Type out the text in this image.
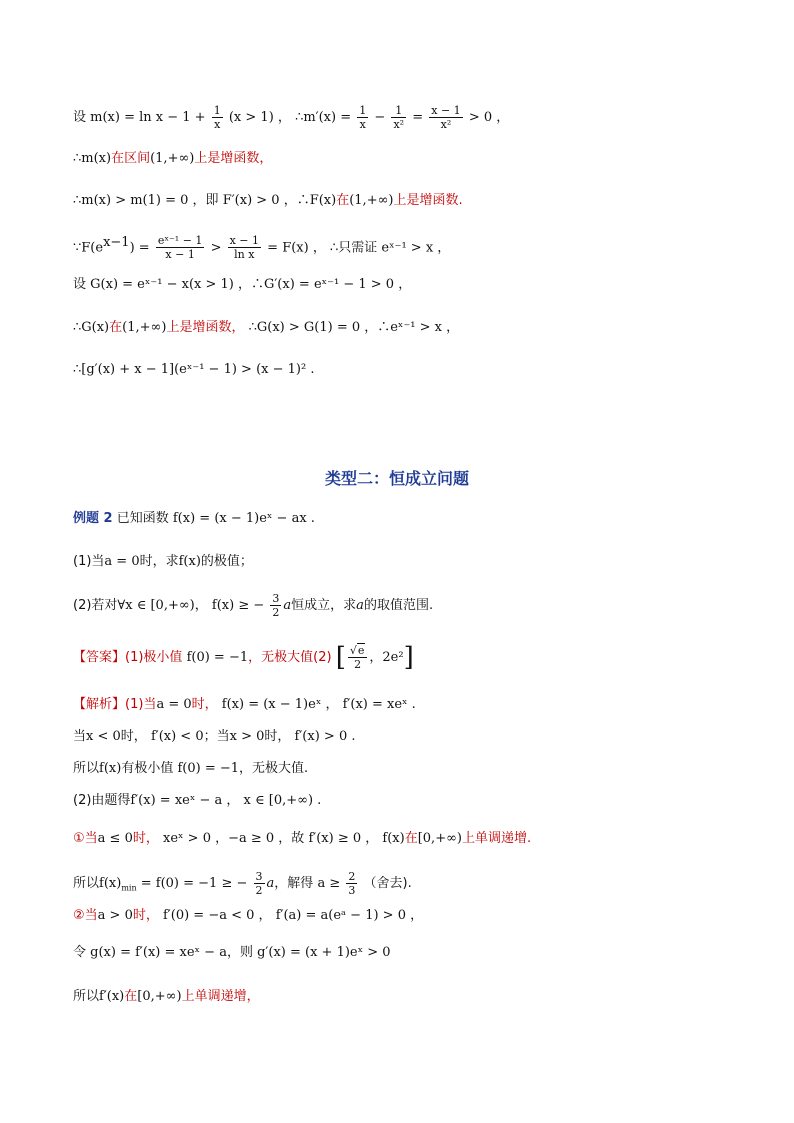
设 $m(x) = \ln x - 1 + \frac{1}{x} (x > 1)$ ， ∴m′(x) = $\frac{1}{x} - \frac{1}{\text{x²}} = \frac{x - 1}{\text{x²}} > 0$ ，
∴m(x)在区间(1,+∞)上是增函数，
∴m(x) > m(1) = 0 ，即 F′(x) > 0 ，∴F(x)在(1,+∞)上是增函数.
$\because F(e^{x-1}) = \frac{\text{eˣ⁻¹ − 1}}{x - 1} > \frac{x - 1}{\text{ln x}} = F(x)$ ， ∴只需证 eˣ⁻¹ > x ，
设 G(x) = eˣ⁻¹ − x(x > 1) ，∴G′(x) = eˣ⁻¹ − 1 > 0 ，
∴G(x)在(1,+∞)上是增函数， ∴G(x) > G(1) = 0 ，∴eˣ⁻¹ > x ，
∴[g′(x) + x − 1](eˣ⁻¹ − 1) > (x − 1)² .
类型二：恒成立问题
例题 2 已知函数 f(x) = (x − 1)eˣ − ax .
(1)当a = 0时，求f(x)的极值；
(2)若对∀x ∈ [0,+∞)， f(x) ≥ − $\frac{3}{2}$ a恒成立，求a的取值范围.
【答案】(1)极小值 f(0) = −1，无极大值(2) [ $\frac{√e}{2}$ ，2e²]
【解析】(1)当a = 0时， f(x) = (x − 1)eˣ ， f′(x) = xeˣ .
当x < 0时， f′(x) < 0；当x > 0时， f′(x) > 0 .
所以f(x)有极小值 f(0) = −1，无极大值.
(2)由题得f′(x) = xeˣ − a ， x ∈ [0,+∞) .
①当a ≤ 0时， xeˣ > 0 ，−a ≥ 0 ，故 f′(x) ≥ 0 ， f(x)在[0,+∞)上单调递增.
所以$f(x)_{min} = f(0) = -1$ ≥ − $\frac{3}{2}$ a，解得 $a \ge \frac{2}{3}$ （舍去).
②当a > 0时， f′(0) = −a < 0 ， f′(a) = a(eᵃ − 1) > 0 ，
令 g(x) = f′(x) = xeˣ − a，则 g′(x) = (x + 1)eˣ > 0
所以f′(x)在[0,+∞)上单调递增，
